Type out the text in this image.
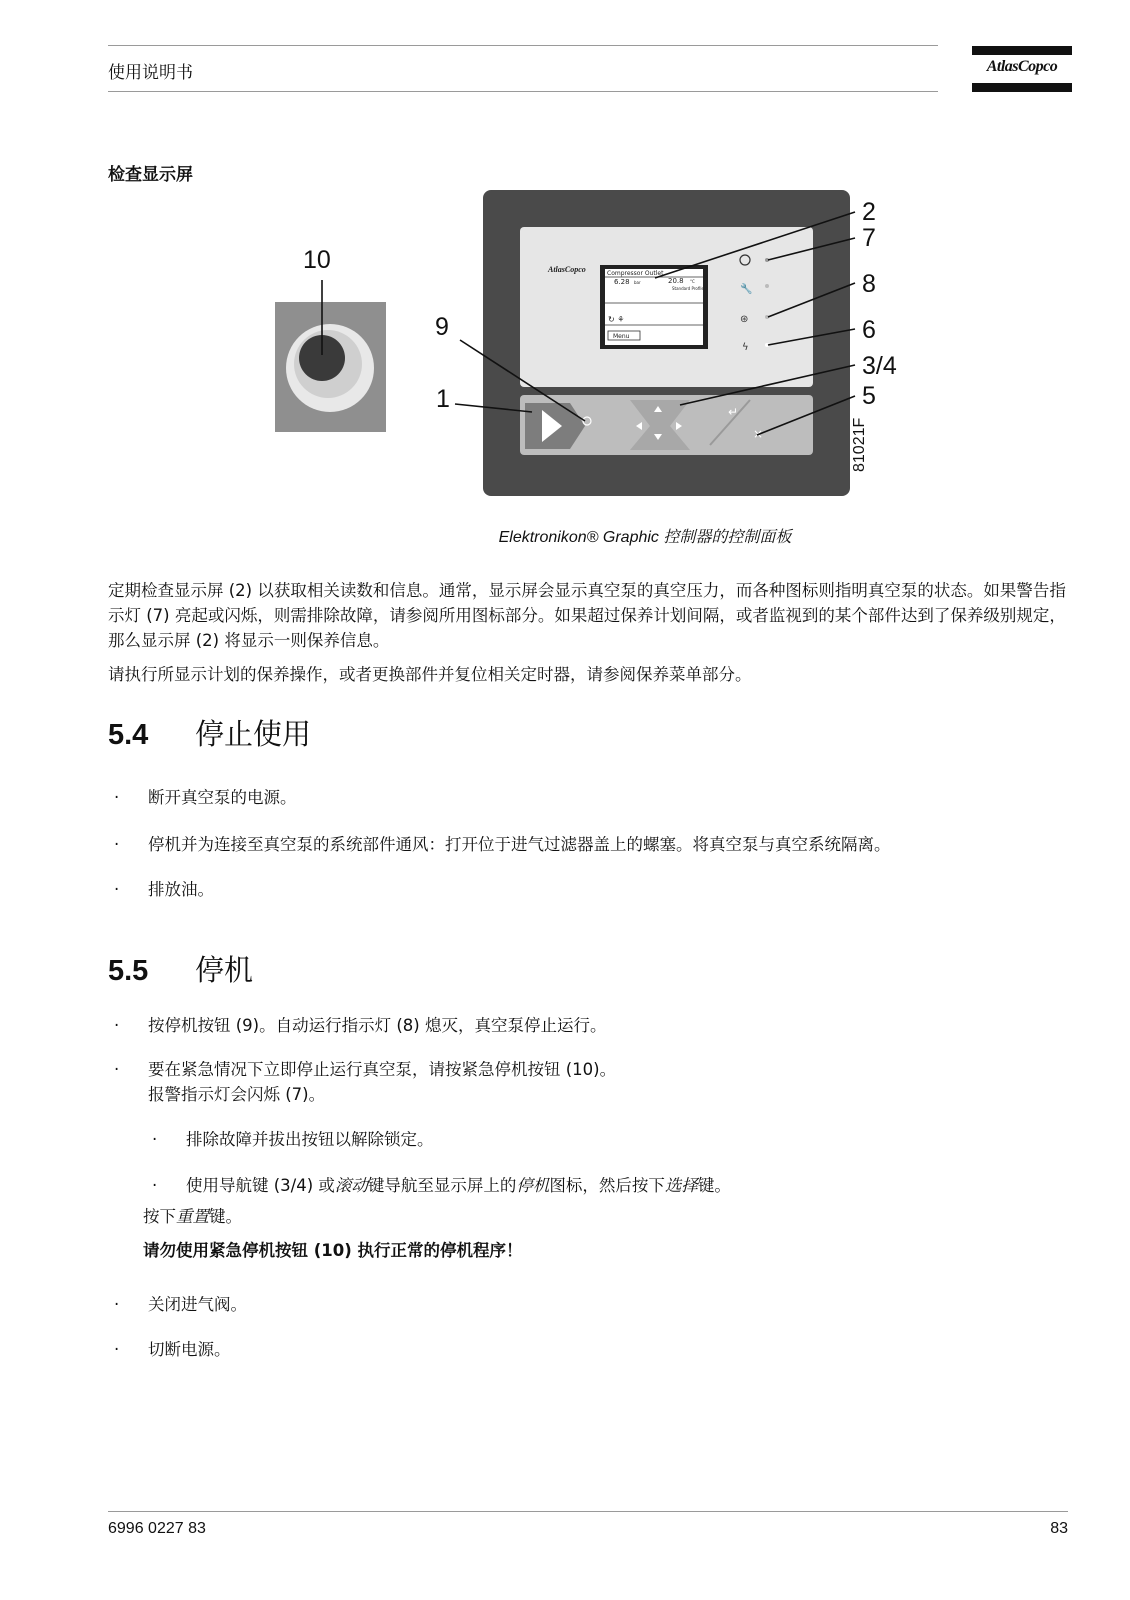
使用说明书	AtlasCopco
检查显示屏
AtlasCopco	Compressor Outlet
6.28 bar	20.8 °C
Standard Profile
↻ ⚘
Menu
🔧
⊛
ϟ
↵
×
10
9
1
2
7
8
6
3/4
5
81021F
Elektronikon® Graphic 控制器的控制面板
定期检查显示屏 (2) 以获取相关读数和信息。通常，显示屏会显示真空泵的真空压力，而各种图标则指明真空泵的状态。如果警告指示灯 (7) 亮起或闪烁，则需排除故障，请参阅所用图标部分。如果超过保养计划间隔，或者监视到的某个部件达到了保养级别规定，那么显示屏 (2) 将显示一则保养信息。
请执行所显示计划的保养操作，或者更换部件并复位相关定时器，请参阅保养菜单部分。
5.4 停止使用
· 断开真空泵的电源。
· 停机并为连接至真空泵的系统部件通风：打开位于进气过滤器盖上的螺塞。将真空泵与真空系统隔离。
· 排放油。
5.5 停机
· 按停机按钮 (9)。自动运行指示灯 (8) 熄灭，真空泵停止运行。
· 要在紧急情况下立即停止运行真空泵，请按紧急停机按钮 (10)。
报警指示灯会闪烁 (7)。
· 排除故障并拔出按钮以解除锁定。
· 使用导航键 (3/4) 或滚动键导航至显示屏上的停机图标，然后按下选择键。
按下重置键。
请勿使用紧急停机按钮 (10) 执行正常的停机程序！
· 关闭进气阀。
· 切断电源。
6996 0227 83	83
